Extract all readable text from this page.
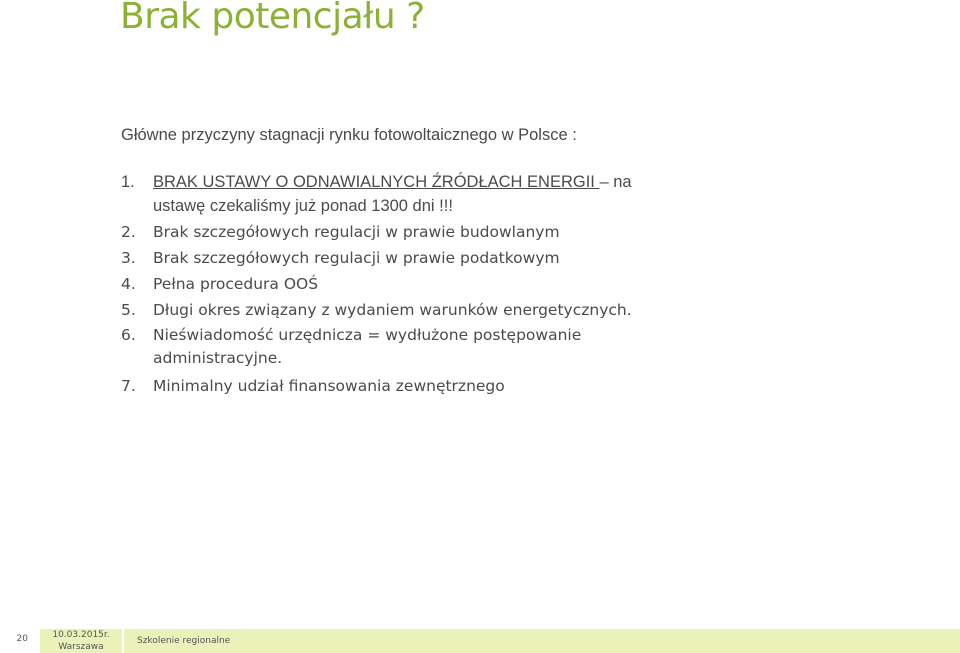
Brak potencjału ?

Główne przyczyny stagnacji rynku fotowoltaicznego w Polsce :

1. BRAK USTAWY O ODNAWIALNYCH ŹRÓDŁACH ENERGII – na ustawę czekaliśmy już ponad 1300 dni !!!
2. Brak szczegółowych regulacji w prawie budowlanym
3. Brak szczegółowych regulacji w prawie podatkowym
4. Pełna procedura OOŚ
5. Długi okres związany z wydaniem warunków energetycznych.
6. Nieświadomość urzędnicza = wydłużone postępowanie administracyjne.
7. Minimalny udział finansowania zewnętrznego
20	10.03.2015r.
Warszawa
Szkolenie regionalne
